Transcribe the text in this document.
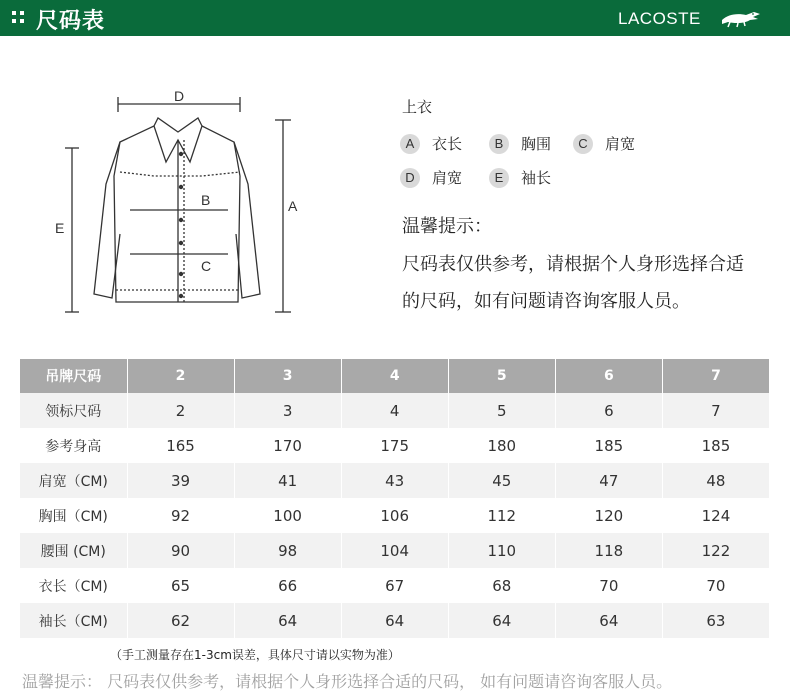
尺码表	LACOSTE
D
A
E
B
C
上衣
A	衣长	B	胸围	C	肩宽
D	肩宽	E	袖长
温馨提示：
尺码表仅供参考，请根据个人身形选择合适
的尺码，如有问题请咨询客服人员。
吊牌尺码	2	3	4	5	6	7
领标尺码	2	3	4	5	6	7
参考身高	165	170	175	180	185	185
肩宽（CM)	39	41	43	45	47	48
胸围（CM)	92	100	106	112	120	124
腰围 (CM)	90	98	104	110	118	122
衣长（CM)	65	66	67	68	70	70
袖长（CM)	62	64	64	64	64	63
（手工测量存在1-3cm误差，具体尺寸请以实物为准）
温馨提示： 尺码表仅供参考，请根据个人身形选择合适的尺码， 如有问题请咨询客服人员。
